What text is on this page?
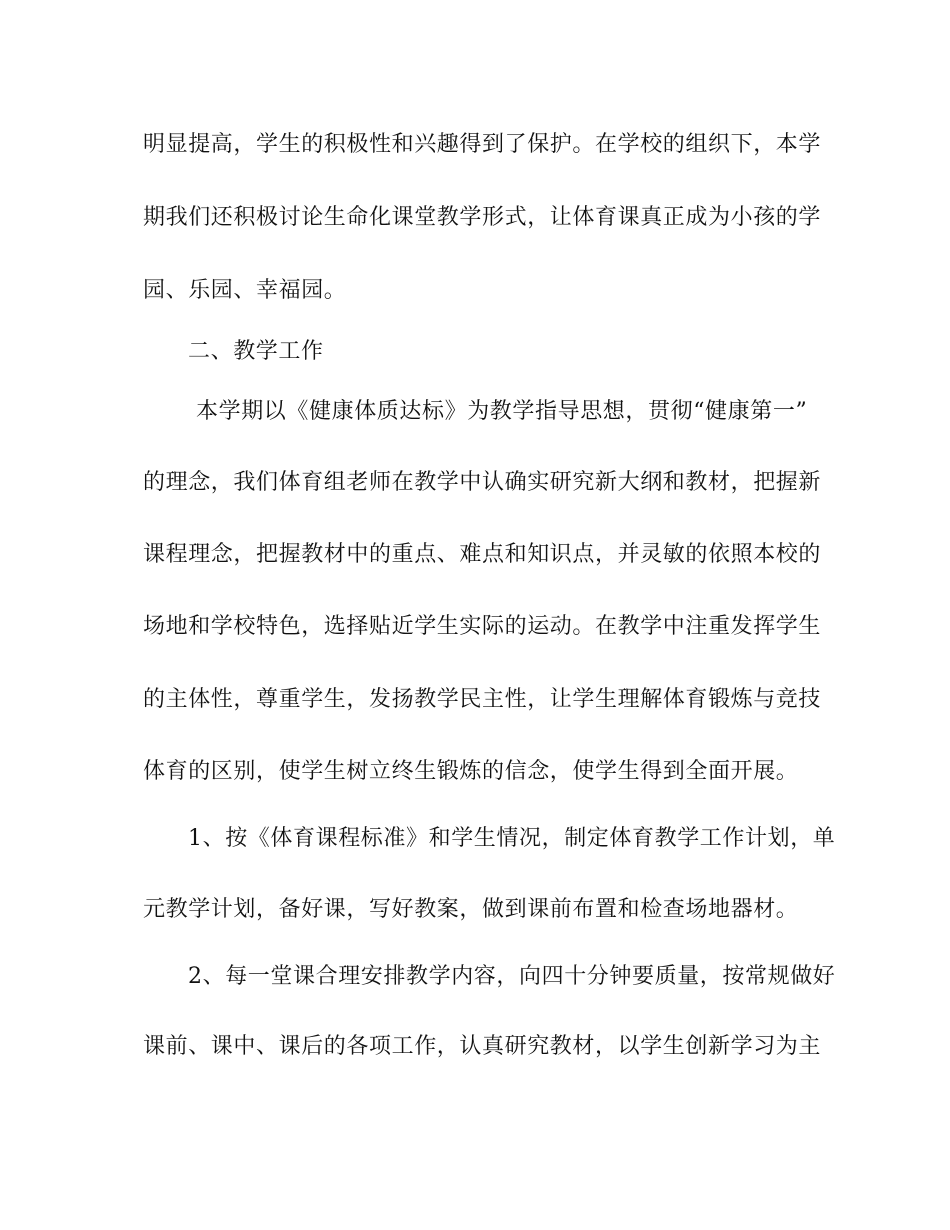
明显提高，学生的积极性和兴趣得到了保护。在学校的组织下，本学
期我们还积极讨论生命化课堂教学形式，让体育课真正成为小孩的学
园、乐园、幸福园。
二、教学工作
本学期以《健康体质达标》为教学指导思想，贯彻“健康第一”
的理念，我们体育组老师在教学中认确实研究新大纲和教材，把握新
课程理念，把握教材中的重点、难点和知识点，并灵敏的依照本校的
场地和学校特色，选择贴近学生实际的运动。在教学中注重发挥学生
的主体性，尊重学生，发扬教学民主性，让学生理解体育锻炼与竞技
体育的区别，使学生树立终生锻炼的信念，使学生得到全面开展。
1、按《体育课程标准》和学生情况，制定体育教学工作计划，单
元教学计划，备好课，写好教案，做到课前布置和检查场地器材。
2、每一堂课合理安排教学内容，向四十分钟要质量，按常规做好
课前、课中、课后的各项工作，认真研究教材，以学生创新学习为主
